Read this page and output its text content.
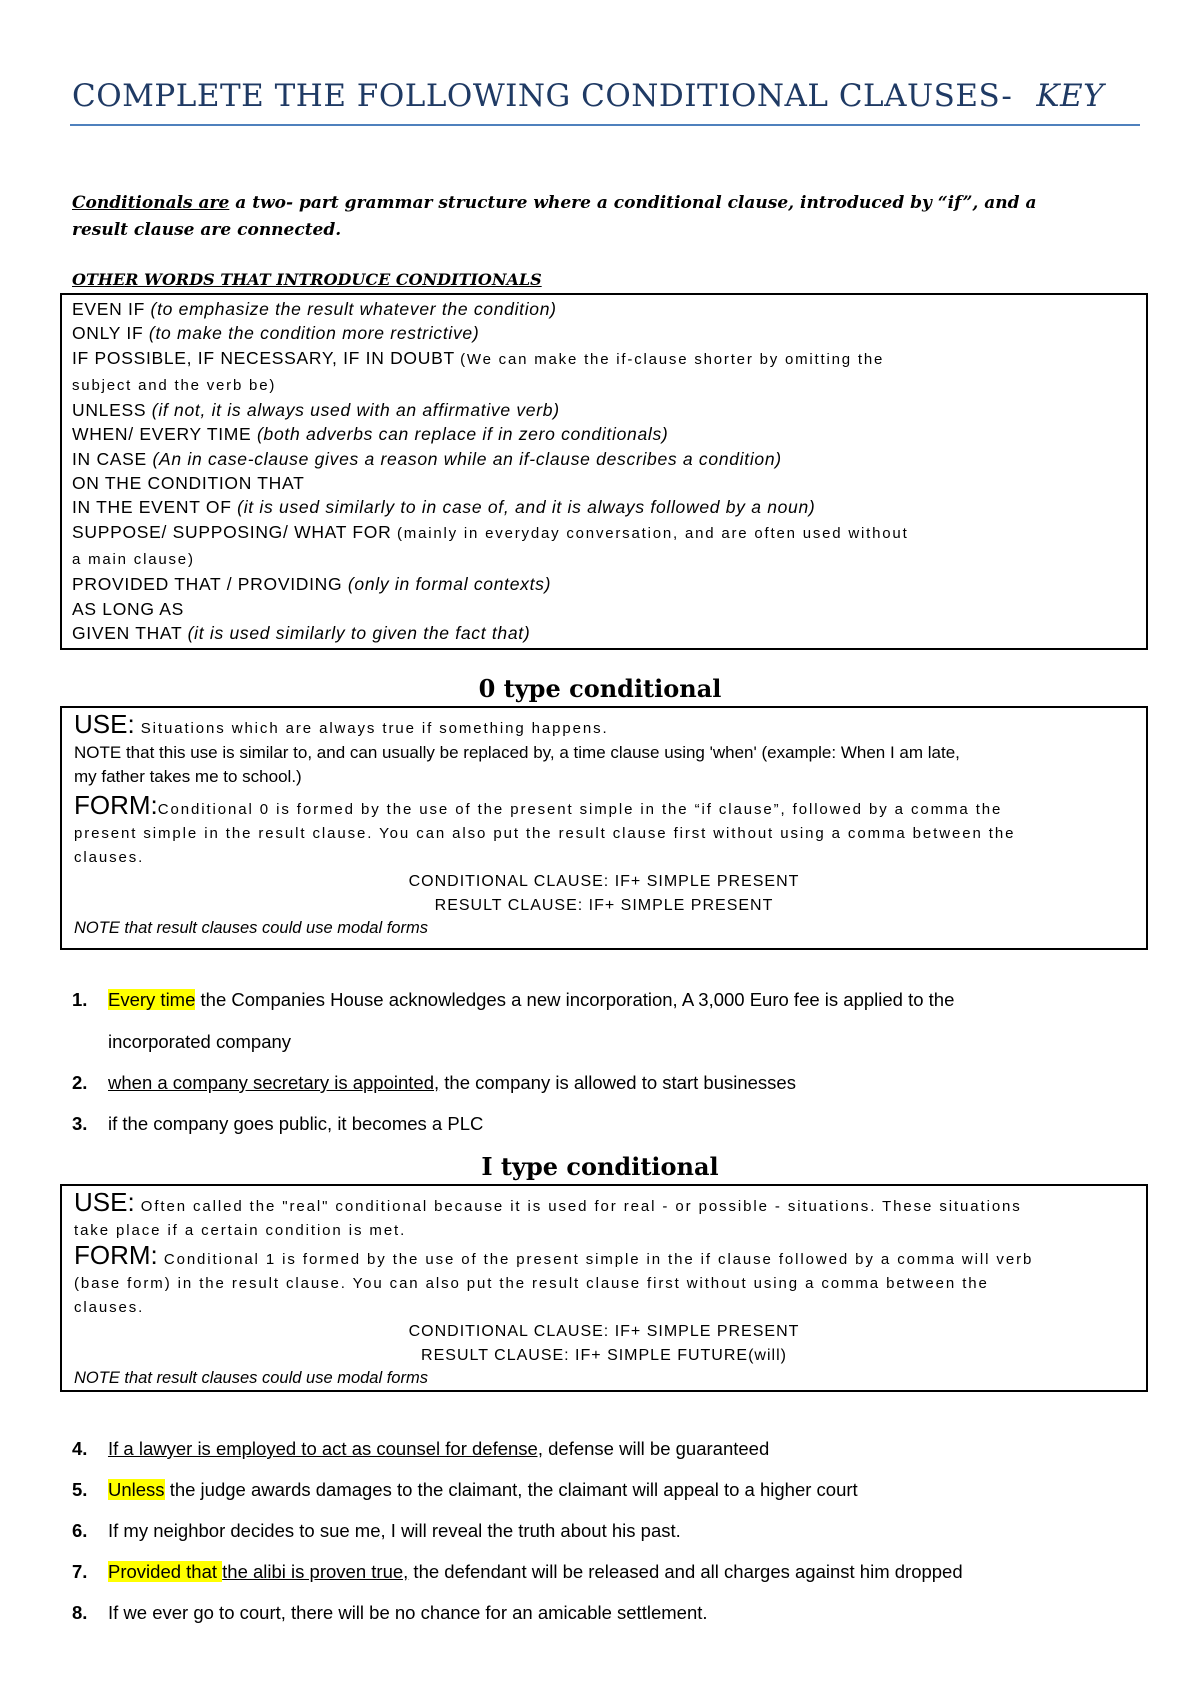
COMPLETE THE FOLLOWING CONDITIONAL CLAUSES- KEY
Conditionals are a two- part grammar structure where a conditional clause, introduced by “if”, and a
result clause are connected.
OTHER WORDS THAT INTRODUCE CONDITIONALS
EVEN IF (to emphasize the result whatever the condition)
ONLY IF (to make the condition more restrictive)
IF POSSIBLE, IF NECESSARY, IF IN DOUBT (We can make the if-clause shorter by omitting the
subject and the verb be)
UNLESS (if not, it is always used with an affirmative verb)
WHEN/ EVERY TIME (both adverbs can replace if in zero conditionals)
IN CASE (An in case-clause gives a reason while an if-clause describes a condition)
ON THE CONDITION THAT
IN THE EVENT OF (it is used similarly to in case of, and it is always followed by a noun)
SUPPOSE/ SUPPOSING/ WHAT FOR (mainly in everyday conversation, and are often used without
a main clause)
PROVIDED THAT / PROVIDING (only in formal contexts)
AS LONG AS
GIVEN THAT (it is used similarly to given the fact that)
0 type conditional
USE: Situations which are always true if something happens.
NOTE that this use is similar to, and can usually be replaced by, a time clause using 'when' (example: When I am late,
my father takes me to school.)
FORM:Conditional 0 is formed by the use of the present simple in the “if clause”, followed by a comma the
present simple in the result clause. You can also put the result clause first without using a comma between the
clauses.
CONDITIONAL CLAUSE: IF+ SIMPLE PRESENT
RESULT CLAUSE: IF+ SIMPLE PRESENT
NOTE that result clauses could use modal forms
1. Every time the Companies House acknowledges a new incorporation, A 3,000 Euro fee is applied to the
incorporated company
2. when a company secretary is appointed, the company is allowed to start businesses
3. if the company goes public, it becomes a PLC
I type conditional
USE: Often called the "real" conditional because it is used for real - or possible - situations. These situations
take place if a certain condition is met.
FORM: Conditional 1 is formed by the use of the present simple in the if clause followed by a comma will verb
(base form) in the result clause. You can also put the result clause first without using a comma between the
clauses.
CONDITIONAL CLAUSE: IF+ SIMPLE PRESENT
RESULT CLAUSE: IF+ SIMPLE FUTURE(will)
NOTE that result clauses could use modal forms
4. If a lawyer is employed to act as counsel for defense, defense will be guaranteed
5. Unless the judge awards damages to the claimant, the claimant will appeal to a higher court
6. If my neighbor decides to sue me, I will reveal the truth about his past.
7. Provided that the alibi is proven true, the defendant will be released and all charges against him dropped
8. If we ever go to court, there will be no chance for an amicable settlement.
